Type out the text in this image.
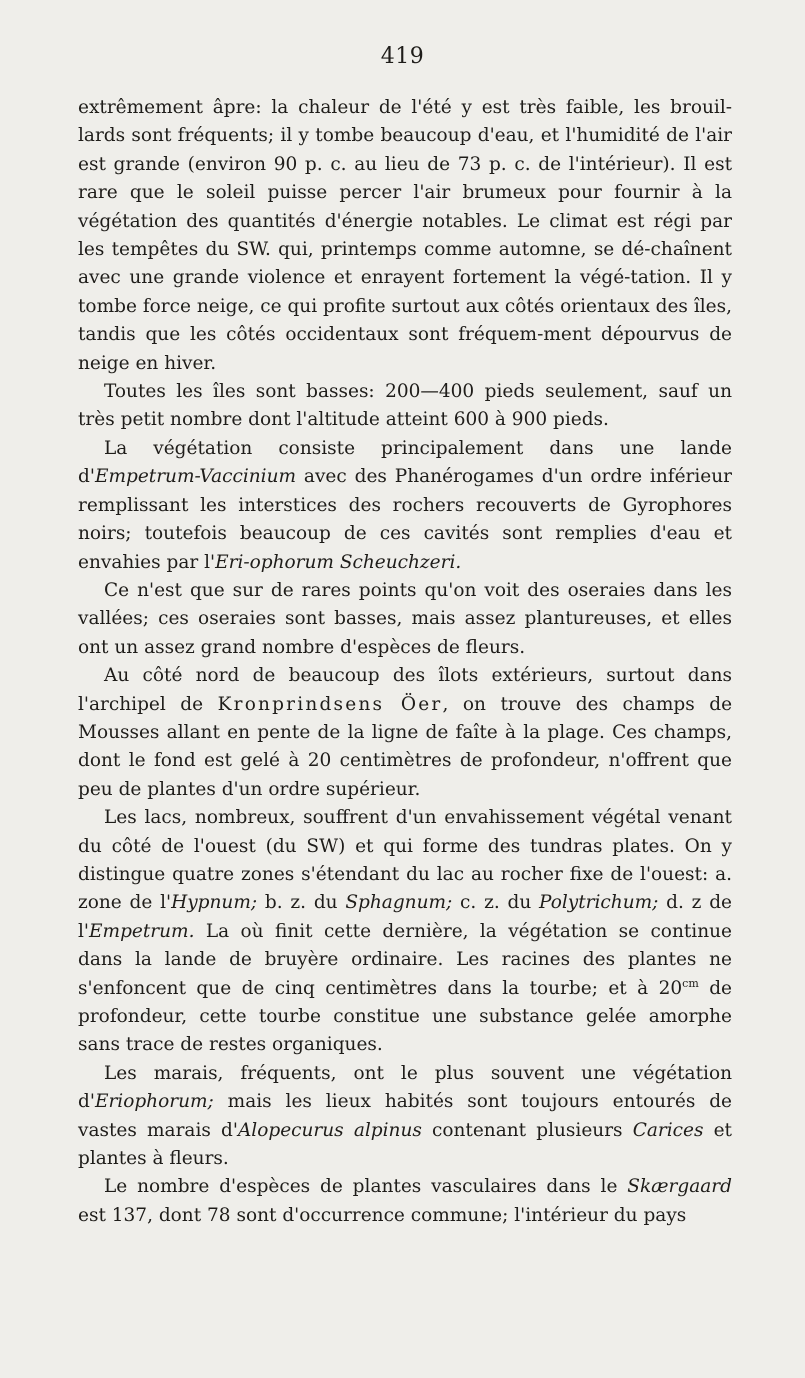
419

extrêmement âpre: la chaleur de l'été y est très faible, les brouil-lards sont fréquents; il y tombe beaucoup d'eau, et l'humidité de l'air est grande (environ 90 p. c. au lieu de 73 p. c. de l'intérieur). Il est rare que le soleil puisse percer l'air brumeux pour fournir à la végétation des quantités d'énergie notables. Le climat est régi par les tempêtes du SW. qui, printemps comme automne, se dé-chaînent avec une grande violence et enrayent fortement la végé-tation. Il y tombe force neige, ce qui profite surtout aux côtés orientaux des îles, tandis que les côtés occidentaux sont fréquem-ment dépourvus de neige en hiver.

Toutes les îles sont basses: 200—400 pieds seulement, sauf un très petit nombre dont l'altitude atteint 600 à 900 pieds.

La végétation consiste principalement dans une lande d'Empetrum-Vaccinium avec des Phanérogames d'un ordre inférieur remplissant les interstices des rochers recouverts de Gyrophores noirs; toutefois beaucoup de ces cavités sont remplies d'eau et envahies par l'Eri-ophorum Scheuchzeri.

Ce n'est que sur de rares points qu'on voit des oseraies dans les vallées; ces oseraies sont basses, mais assez plantureuses, et elles ont un assez grand nombre d'espèces de fleurs.

Au côté nord de beaucoup des îlots extérieurs, surtout dans l'archipel de Kronprindsens Öer, on trouve des champs de Mousses allant en pente de la ligne de faîte à la plage. Ces champs, dont le fond est gelé à 20 centimètres de profondeur, n'offrent que peu de plantes d'un ordre supérieur.

Les lacs, nombreux, souffrent d'un envahissement végétal venant du côté de l'ouest (du SW) et qui forme des tundras plates. On y distingue quatre zones s'étendant du lac au rocher fixe de l'ouest: a. zone de l'Hypnum; b. z. du Sphagnum; c. z. du Polytrichum; d. z de l'Empetrum. La où finit cette dernière, la végétation se continue dans la lande de bruyère ordinaire. Les racines des plantes ne s'enfoncent que de cinq centimètres dans la tourbe; et à $20^{cm}$ de profondeur, cette tourbe constitue une substance gelée amorphe sans trace de restes organiques.

Les marais, fréquents, ont le plus souvent une végétation d'Eriophorum; mais les lieux habités sont toujours entourés de vastes marais d'Alopecurus alpinus contenant plusieurs Carices et plantes à fleurs.

Le nombre d'espèces de plantes vasculaires dans le Skærgaard est 137, dont 78 sont d'occurrence commune; l'intérieur du pays
